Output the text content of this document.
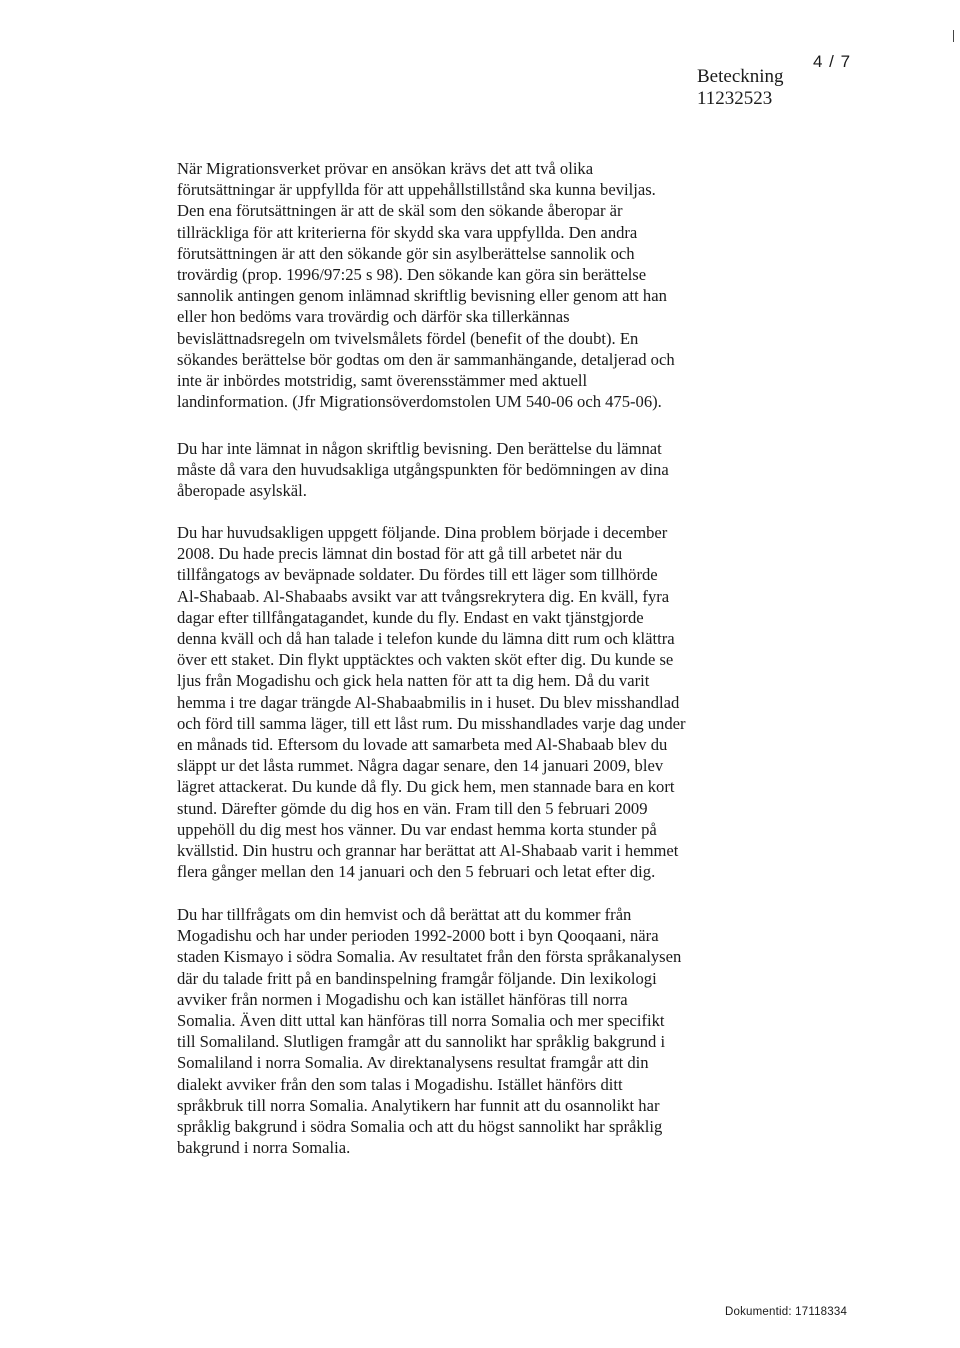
4 / 7
Beteckning
11232523
När Migrationsverket prövar en ansökan krävs det att två olika
förutsättningar är uppfyllda för att uppehållstillstånd ska kunna beviljas.
Den ena förutsättningen är att de skäl som den sökande åberopar är
tillräckliga för att kriterierna för skydd ska vara uppfyllda. Den andra
förutsättningen är att den sökande gör sin asylberättelse sannolik och
trovärdig (prop. 1996/97:25 s 98). Den sökande kan göra sin berättelse
sannolik antingen genom inlämnad skriftlig bevisning eller genom att han
eller hon bedöms vara trovärdig och därför ska tillerkännas
bevislättnadsregeln om tvivelsmålets fördel (benefit of the doubt). En
sökandes berättelse bör godtas om den är sammanhängande, detaljerad och
inte är inbördes motstridig, samt överensstämmer med aktuell
landinformation. (Jfr Migrationsöverdomstolen UM 540-06 och 475-06).
Du har inte lämnat in någon skriftlig bevisning. Den berättelse du lämnat
måste då vara den huvudsakliga utgångspunkten för bedömningen av dina
åberopade asylskäl.
Du har huvudsakligen uppgett följande. Dina problem började i december
2008. Du hade precis lämnat din bostad för att gå till arbetet när du
tillfångatogs av beväpnade soldater. Du fördes till ett läger som tillhörde
Al-Shabaab. Al-Shabaabs avsikt var att tvångsrekrytera dig. En kväll, fyra
dagar efter tillfångatagandet, kunde du fly. Endast en vakt tjänstgjorde
denna kväll och då han talade i telefon kunde du lämna ditt rum och klättra
över ett staket. Din flykt upptäcktes och vakten sköt efter dig. Du kunde se
ljus från Mogadishu och gick hela natten för att ta dig hem. Då du varit
hemma i tre dagar trängde Al-Shabaabmilis in i huset. Du blev misshandlad
och förd till samma läger, till ett låst rum. Du misshandlades varje dag under
en månads tid. Eftersom du lovade att samarbeta med Al-Shabaab blev du
släppt ur det låsta rummet. Några dagar senare, den 14 januari 2009, blev
lägret attackerat. Du kunde då fly. Du gick hem, men stannade bara en kort
stund. Därefter gömde du dig hos en vän. Fram till den 5 februari 2009
uppehöll du dig mest hos vänner. Du var endast hemma korta stunder på
kvällstid. Din hustru och grannar har berättat att Al-Shabaab varit i hemmet
flera gånger mellan den 14 januari och den 5 februari och letat efter dig.
Du har tillfrågats om din hemvist och då berättat att du kommer från
Mogadishu och har under perioden 1992-2000 bott i byn Qooqaani, nära
staden Kismayo i södra Somalia. Av resultatet från den första språkanalysen
där du talade fritt på en bandinspelning framgår följande. Din lexikologi
avviker från normen i Mogadishu och kan istället hänföras till norra
Somalia. Även ditt uttal kan hänföras till norra Somalia och mer specifikt
till Somaliland. Slutligen framgår att du sannolikt har språklig bakgrund i
Somaliland i norra Somalia. Av direktanalysens resultat framgår att din
dialekt avviker från den som talas i Mogadishu. Istället hänförs ditt
språkbruk till norra Somalia. Analytikern har funnit att du osannolikt har
språklig bakgrund i södra Somalia och att du högst sannolikt har språklig
bakgrund i norra Somalia.
Dokumentid: 17118334
